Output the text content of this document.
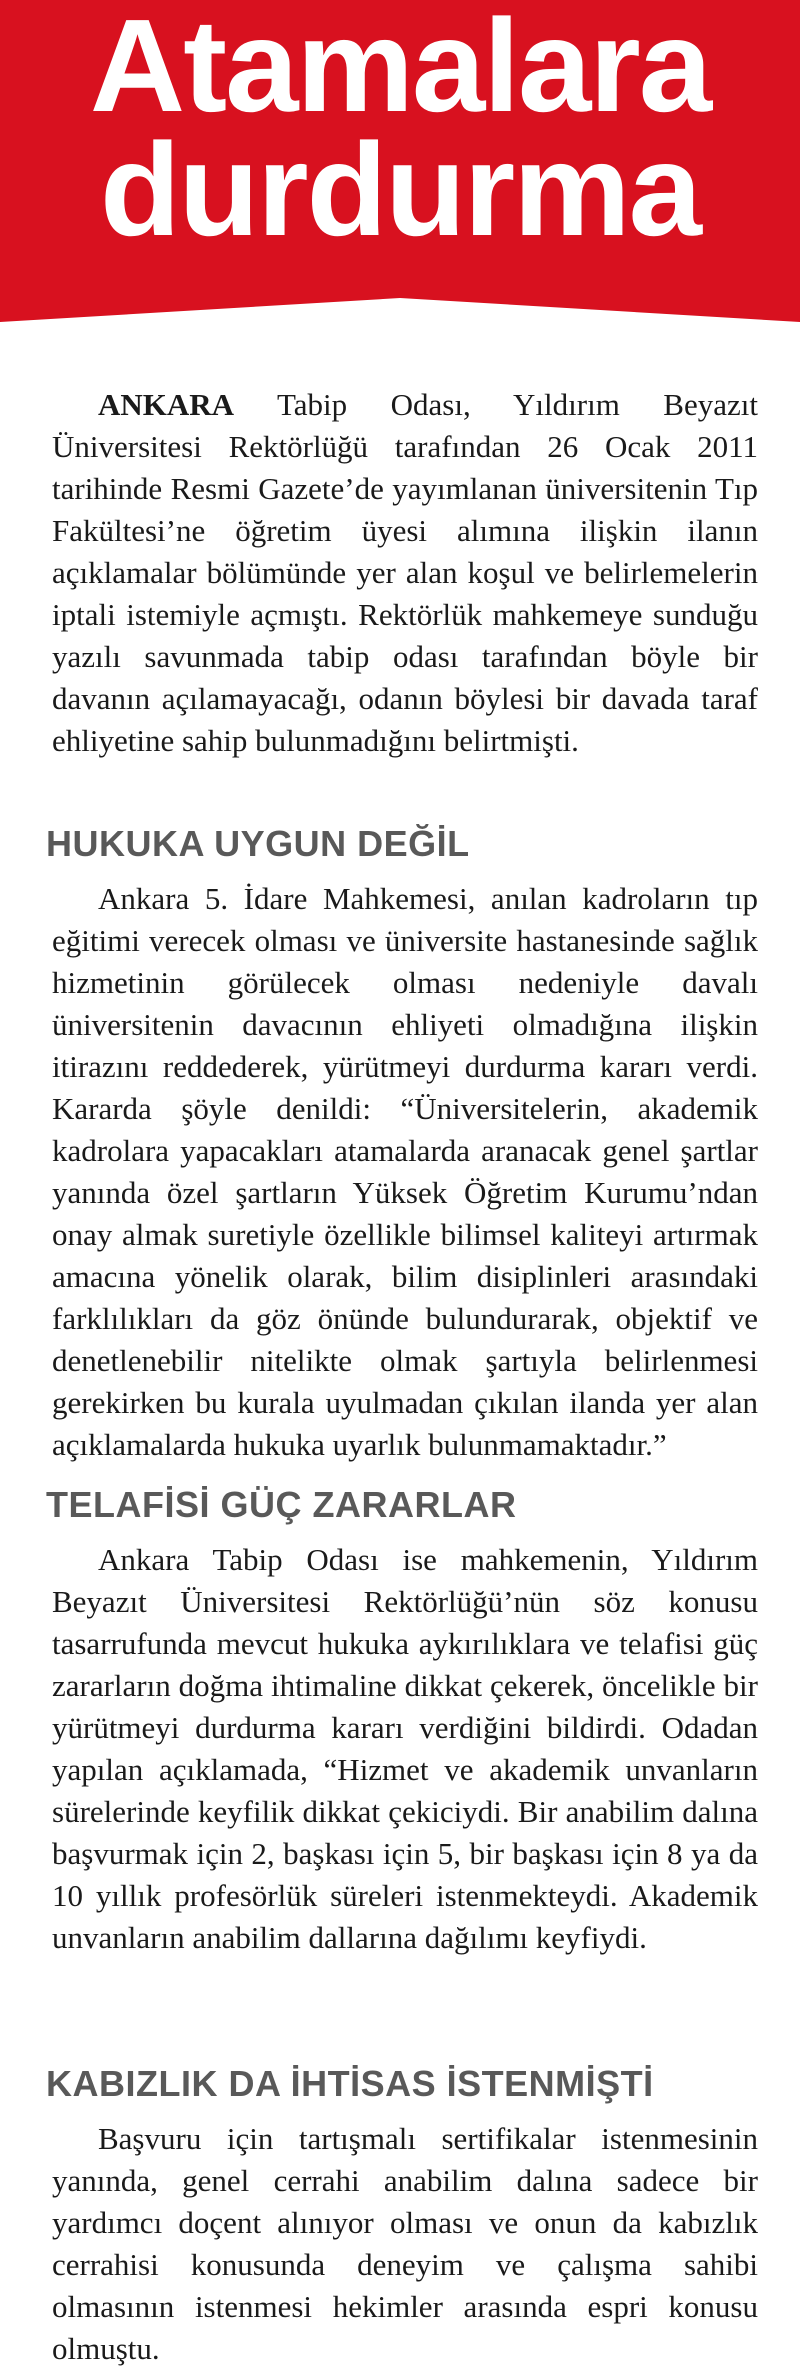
Atamalara
durdurma

ANKARA Tabip Odası, Yıldırım Beyazıt Üniversitesi Rektörlüğü tarafından 26 Ocak 2011 tarihinde Resmi Gazete’de yayımlanan üniversitenin Tıp Fakültesi’ne öğretim üyesi alımına ilişkin ilanın açıklamalar bölümünde yer alan koşul ve belirlemelerin iptali istemiyle açmıştı. Rektörlük mahkemeye sunduğu yazılı savunmada tabip odası tarafından böyle bir davanın açılamayacağı, odanın böylesi bir davada taraf ehliyetine sahip bulunmadığını belirtmişti.

HUKUKA UYGUN DEĞİL

Ankara 5. İdare Mahkemesi, anılan kadroların tıp eğitimi verecek olması ve üniversite hastanesinde sağlık hizmetinin görülecek olması nedeniyle davalı üniversitenin davacının ehliyeti olmadığına ilişkin itirazını reddederek, yürütmeyi durdurma kararı verdi. Kararda şöyle denildi: “Üniversitelerin, akademik kadrolara yapacakları atamalarda aranacak genel şartlar yanında özel şartların Yüksek Öğretim Kurumu’ndan onay almak suretiyle özellikle bilimsel kaliteyi artırmak amacına yönelik olarak, bilim disiplinleri arasındaki farklılıkları da göz önünde bulundurarak, objektif ve denetlenebilir nitelikte olmak şartıyla belirlenmesi gerekirken bu kurala uyulmadan çıkılan ilanda yer alan açıklamalarda hukuka uyarlık bulunmamaktadır.”

TELAFİSİ GÜÇ ZARARLAR

Ankara Tabip Odası ise mahkemenin, Yıldırım Beyazıt Üniversitesi Rektörlüğü’nün söz konusu tasarrufunda mevcut hukuka aykırılıklara ve telafisi güç zararların doğma ihtimaline dikkat çekerek, öncelikle bir yürütmeyi durdurma kararı verdiğini bildirdi. Odadan yapılan açıklamada, “Hizmet ve akademik unvanların sürelerinde keyfilik dikkat çekiciydi. Bir anabilim dalına başvurmak için 2, başkası için 5, bir başkası için 8 ya da 10 yıllık profesörlük süreleri istenmekteydi. Akademik unvanların anabilim dallarına dağılımı keyfiydi.

KABIZLIK DA İHTİSAS İSTENMİŞTİ

Başvuru için tartışmalı sertifikalar istenmesinin yanında, genel cerrahi anabilim dalına sadece bir yardımcı doçent alınıyor olması ve onun da kabızlık cerrahisi konusunda deneyim ve çalışma sahibi olmasının istenmesi hekimler arasında espri konusu olmuştu.
